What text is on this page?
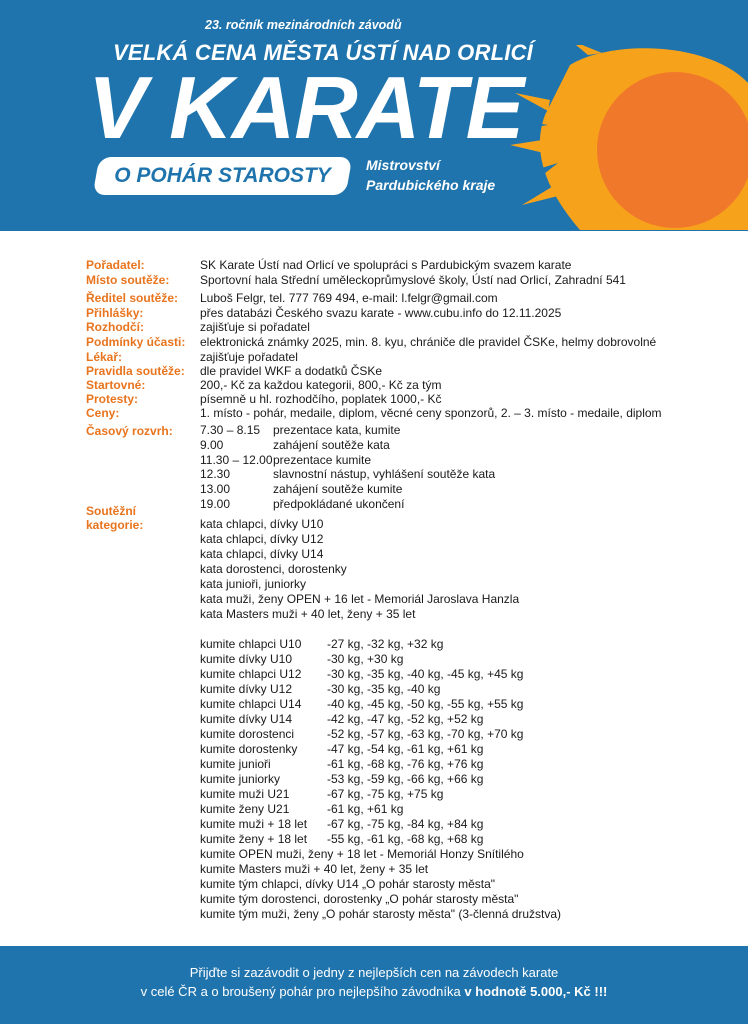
23. ročník mezinárodních závodů
VELKÁ CENA MĚSTA ÚSTÍ NAD ORLICÍ
V KARATE
O POHÁR STAROSTY	Mistrovství
Pardubického kraje
Pořadatel:	SK Karate Ústí nad Orlicí ve spolupráci s Pardubickým svazem karate
Místo soutěže:	Sportovní hala Střední uměleckoprůmyslové školy, Ústí nad Orlicí, Zahradní 541
Ředitel soutěže: Luboš Felgr, tel. 777 769 494, e-mail: l.felgr@gmail.com
Přihlášky:	přes databázi Českého svazu karate - www.cubu.info do 12.11.2025
Rozhodčí:	zajišťuje si pořadatel
Podmínky účasti: elektronická známky 2025, min. 8. kyu, chrániče dle pravidel ČSKe, helmy dobrovolné
Lékař:	zajišťuje pořadatel
Pravidla soutěže: dle pravidel WKF a dodatků ČSKe
Startovné:	200,- Kč za každou kategorii, 800,- Kč za tým
Protesty:	písemně u hl. rozhodčího, poplatek 1000,- Kč
Ceny:	1. místo - pohár, medaile, diplom, věcné ceny sponzorů, 2. – 3. místo - medaile, diplom
Časový rozvrh: 7.30 – 8.15 prezentace kata, kumite
9.00	zahájení soutěže kata
11.30 – 12.00 prezentace kumite
12.30	slavnostní nástup, vyhlášení soutěže kata
13.00	zahájení soutěže kumite
19.00	předpokládané ukončení
Soutěžní
kategorie:	kata chlapci, dívky U10
kata chlapci, dívky U12
kata chlapci, dívky U14
kata dorostenci, dorostenky
kata junioři, juniorky
kata muži, ženy OPEN + 16 let - Memoriál Jaroslava Hanzla
kata Masters muži + 40 let, ženy + 35 let
kumite chlapci U10 -27 kg, -32 kg, +32 kg
kumite dívky U10	-30 kg, +30 kg
kumite chlapci U12 -30 kg, -35 kg, -40 kg, -45 kg, +45 kg
kumite dívky U12	-30 kg, -35 kg, -40 kg
kumite chlapci U14 -40 kg, -45 kg, -50 kg, -55 kg, +55 kg
kumite dívky U14	-42 kg, -47 kg, -52 kg, +52 kg
kumite dorostenci	-52 kg, -57 kg, -63 kg, -70 kg, +70 kg
kumite dorostenky -47 kg, -54 kg, -61 kg, +61 kg
kumite junioři	-61 kg, -68 kg, -76 kg, +76 kg
kumite juniorky	-53 kg, -59 kg, -66 kg, +66 kg
kumite muži U21	-67 kg, -75 kg, +75 kg
kumite ženy U21	-61 kg, +61 kg
kumite muži + 18 let -67 kg, -75 kg, -84 kg, +84 kg
kumite ženy + 18 let -55 kg, -61 kg, -68 kg, +68 kg
kumite OPEN muži, ženy + 18 let - Memoriál Honzy Snítilého
kumite Masters muži + 40 let, ženy + 35 let
kumite tým chlapci, dívky U14 „O pohár starosty města"
kumite tým dorostenci, dorostenky „O pohár starosty města"
kumite tým muži, ženy „O pohár starosty města" (3-členná družstva)
Přijďte si zazávodit o jedny z nejlepších cen na závodech karate
v celé ČR a o broušený pohár pro nejlepšího závodníka v hodnotě 5.000,- Kč !!!
